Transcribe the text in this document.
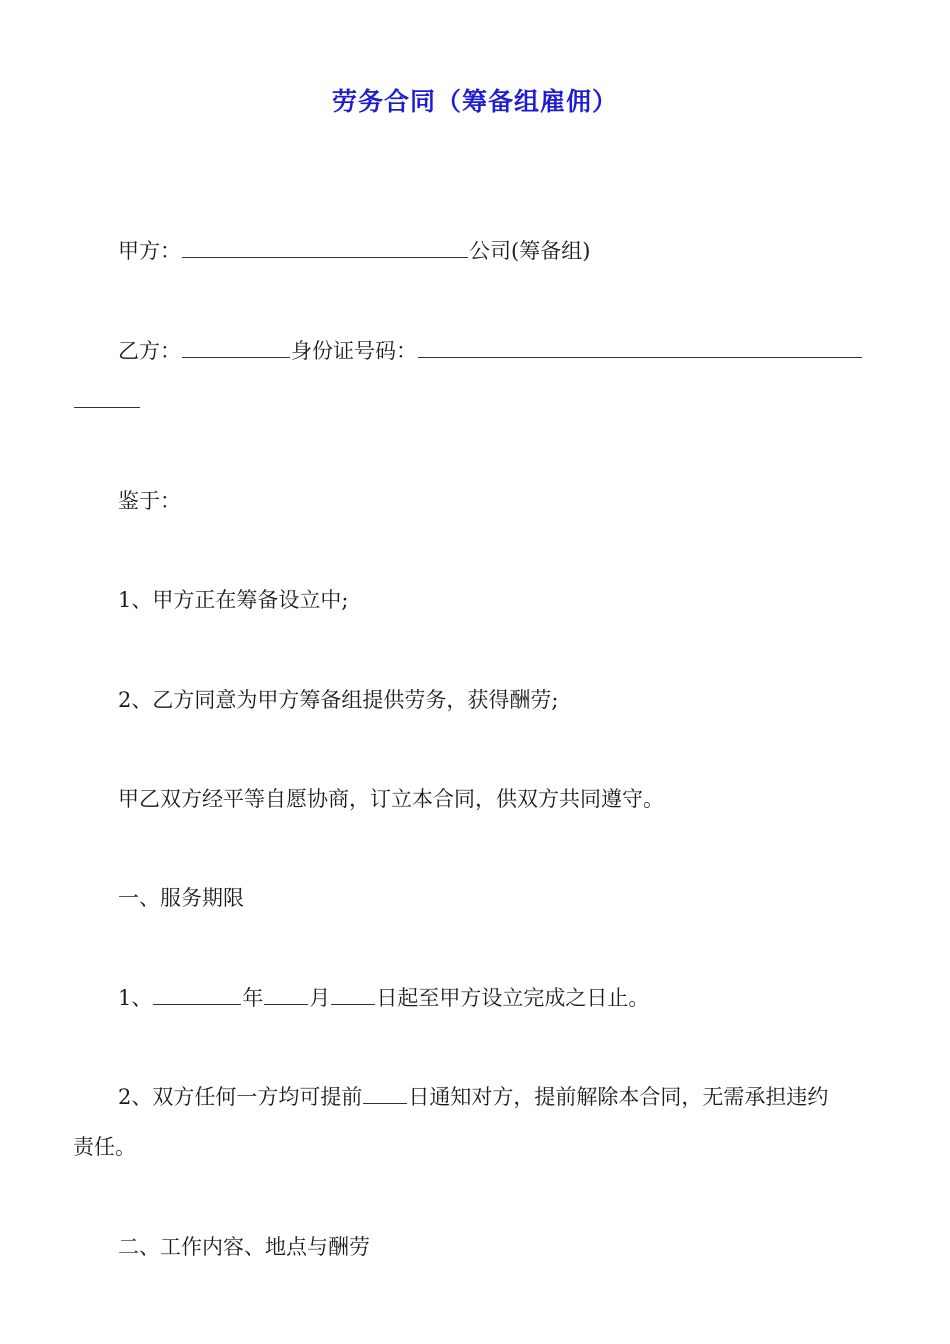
劳务合同（筹备组雇佣）
甲方：	公司(筹备组)
乙方：	身份证号码：
鉴于：
1、甲方正在筹备设立中;
2、乙方同意为甲方筹备组提供劳务，获得酬劳;
甲乙双方经平等自愿协商，订立本合同，供双方共同遵守。
一、服务期限
1、	年 月 日起至甲方设立完成之日止。
2、双方任何一方均可提前 日通知对方，提前解除本合同，无需承担违约
责任。
二、工作内容、地点与酬劳
